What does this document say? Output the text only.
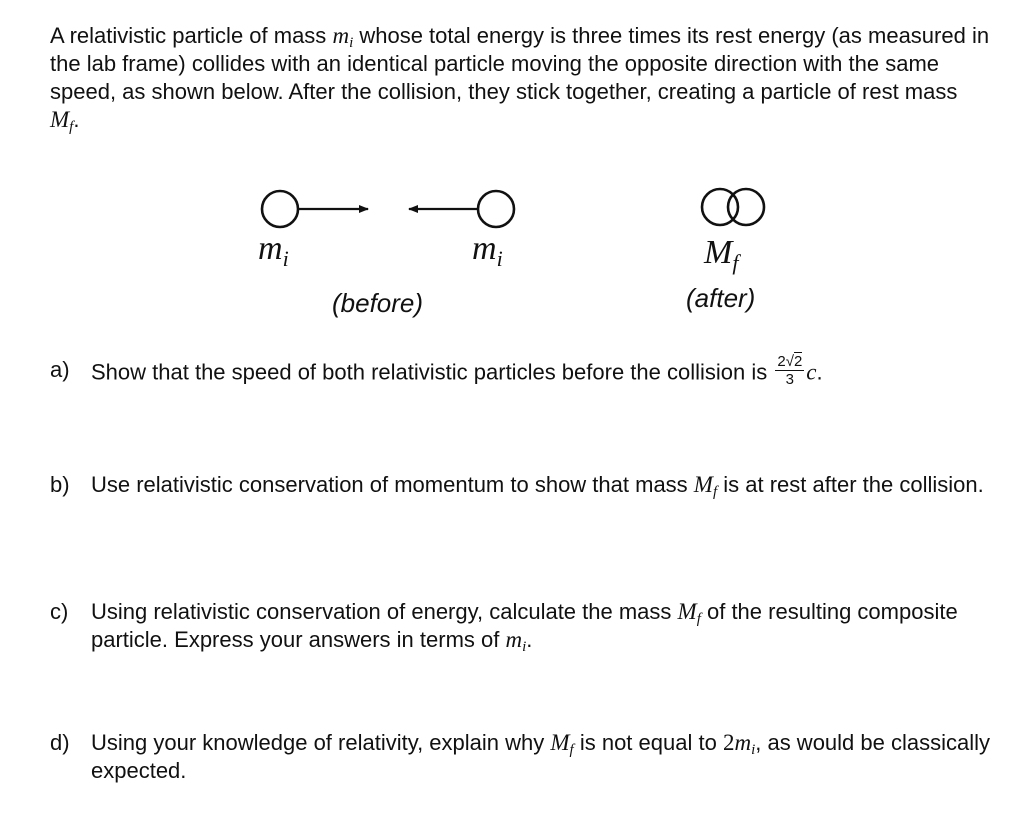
A relativistic particle of mass $m_i$ whose total energy is three times its rest energy (as measured in the lab frame) collides with an identical particle moving the opposite direction with the same speed, as shown below. After the collision, they stick together, creating a particle of rest mass $M_f$.
$m_i$	$m_i$	$M_f$
(before)	(after)
a) Show that the speed of both relativistic particles before the collision is $\frac{2√2}{3} c$.
b) Use relativistic conservation of momentum to show that mass $M_f$ is at rest after the collision.
c)	Using relativistic conservation of energy, calculate the mass $M_f$ of the resulting composite particle. Express your answers in terms of $m_i$.
d) Using your knowledge of relativity, explain why $M_f$ is not equal to $2m_i$, as would be classically expected.
